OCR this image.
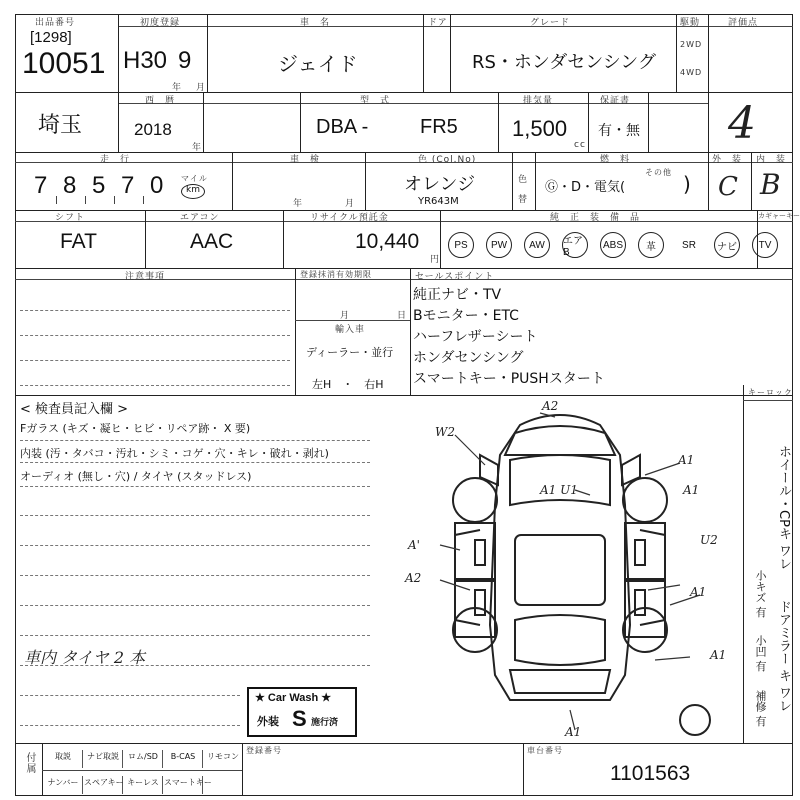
出品番号
[1298]
10051
初度登録
H30 9
年 月
車　名
ジェイド
ドア	グレード
RS・ホンダセンシング
駆動
2WD
4WD
評価点
4
埼玉
西　暦
2018
年
型　式
DBA -	FR5
排気量
1,500
cc
保証書
有・無
走　行
7 8 5 7 0 マイル
km
車　検
年	月
色 (Col.No)
オレンジ
YR643M
色
替
燃　料
その他
Ⓖ・D・電気(	)
外　装
C
内　装
B
シフト
FAT
エアコン
AAC
リサイクル預託金
10,440
円
純　正　装　備　品	カギャーキー
PS	PW	AW	エアB
ABS	革	SR	ナビ	TV
注意事項	登録抹消有効期限
月	日
輸入車
ディーラー・並行
左H　・　右H
セールスポイント
純正ナビ・TV
Bモニター・ETC
ハーフレザーシート
ホンダセンシング
スマートキー・PUSHスタート
< 検査員記入欄 >
Fガラス (キズ・凝ヒ・ヒビ・リペア跡・ X 要)
内装 (汚・タバコ・汚れ・シミ・コゲ・穴・キレ・破れ・剥れ)
オーディオ (無し・穴) / タイヤ (スタッドレス)
車内 タイヤ 2 本
キーロック
ホイール・CPキ ワレ
ドアミラー キ ワレ
小キズ 有
小凹 有
補修 有
A2
W2
A1
A1 U1	A1
A'	U2
A2
A1
A1
A1
★ Car Wash ★
外装 S 施行済
付属	取説	ナビ取説	ロム/SD	B-CAS	リモコン
ナンバー スペアキー キーレス スマートキー
登録番号	車台番号
1101563
